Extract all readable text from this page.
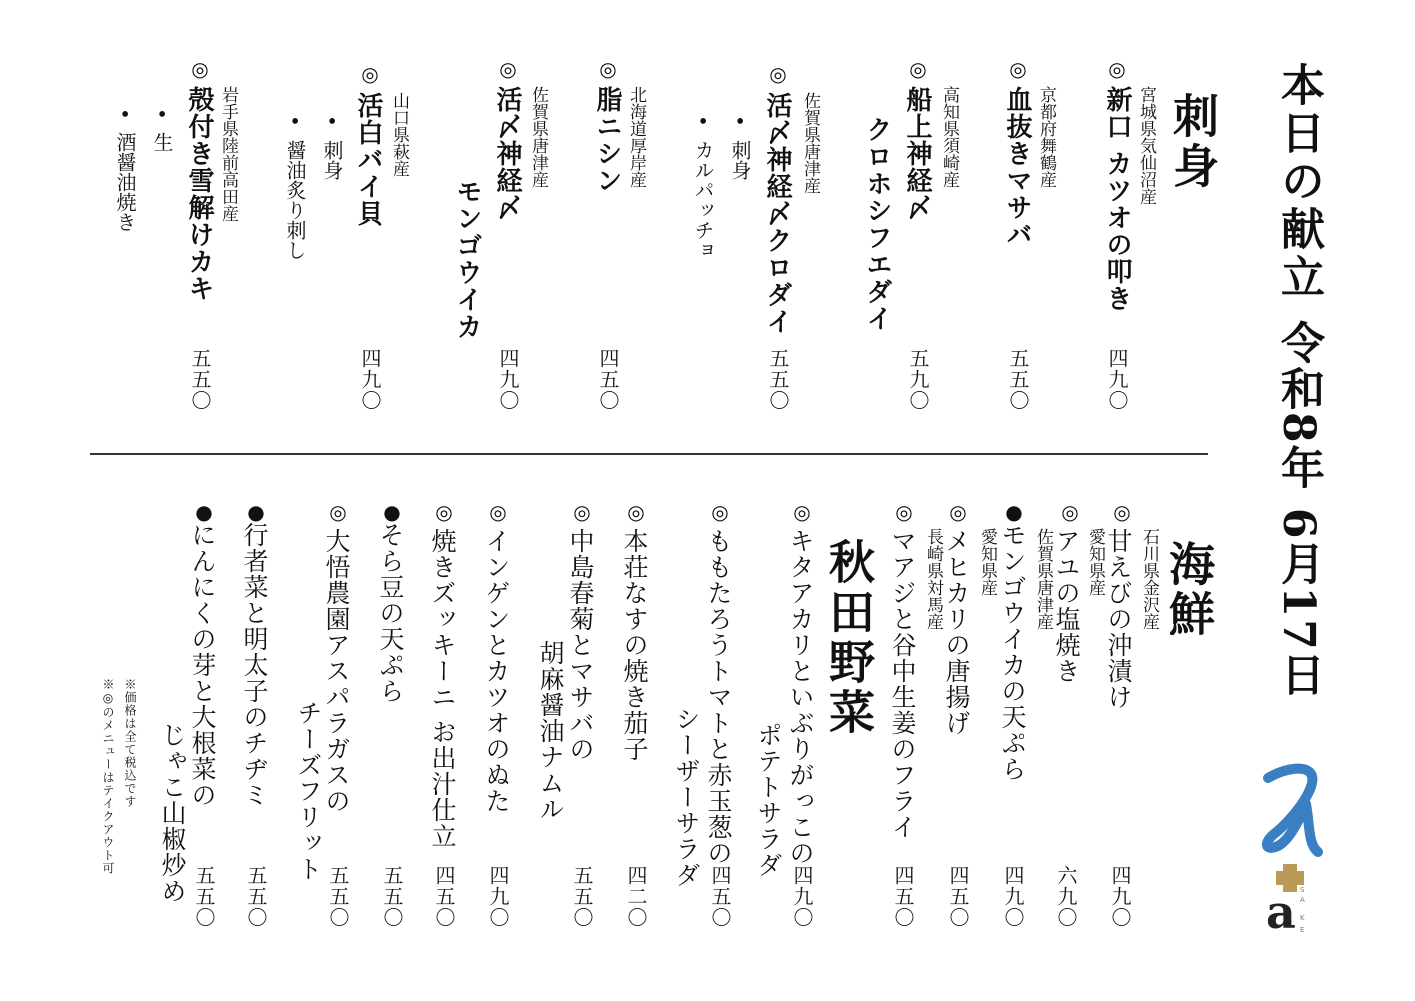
本日の献立
令和8年 6月17日
a S
A
K
E
刺身
◎
宮城県気仙沼産
新口 カツオの叩き
四九〇
◎
京都府舞鶴産
血抜きマサバ
五五〇
◎
高知県須崎産
船上神経〆
クロホシフエダイ
五九〇
◎
佐賀県唐津産
活〆神経〆クロダイ
五五〇
•
刺身
•
カルパッチョ
◎
北海道厚岸産
脂ニシン
四五〇
◎
佐賀県唐津産
活〆神経〆
モンゴウイカ
四九〇
◎
山口県萩産
活白バイ貝
四九〇
•
刺身
•
醤油炙り刺し
◎
岩手県陸前高田産
殻付き雪解けカキ
五五〇
•
生
•
酒醤油焼き
海鮮
◎
石川県金沢産
甘えびの沖漬け
四九〇
◎
愛知県産
アユの塩焼き
六九〇
佐賀県唐津産
●
モンゴウイカの天ぷら
四九〇
愛知県産
◎
メヒカリの唐揚げ
四五〇
長崎県対馬産
◎
マアジと谷中生姜のフライ
四五〇
秋田野菜
◎
キタアカリといぶりがっこの
ポテトサラダ
四九〇
◎
ももたろうトマトと赤玉葱の
シーザーサラダ
四五〇
◎
本荘なすの焼き茄子
四二〇
◎
中島春菊とマサバの
胡麻醤油ナムル
五五〇
◎
インゲンとカツオのぬた
四九〇
◎
焼きズッキーニ お出汁仕立
四五〇
●
そら豆の天ぷら
五五〇
◎
大悟農園アスパラガスの
チーズフリット
五五〇
●
行者菜と明太子のチヂミ
五五〇
●
にんにくの芽と大根菜の
じゃこ山椒炒め 五五〇
※価格は全て税込です
※◎のメニューはテイクアウト可
